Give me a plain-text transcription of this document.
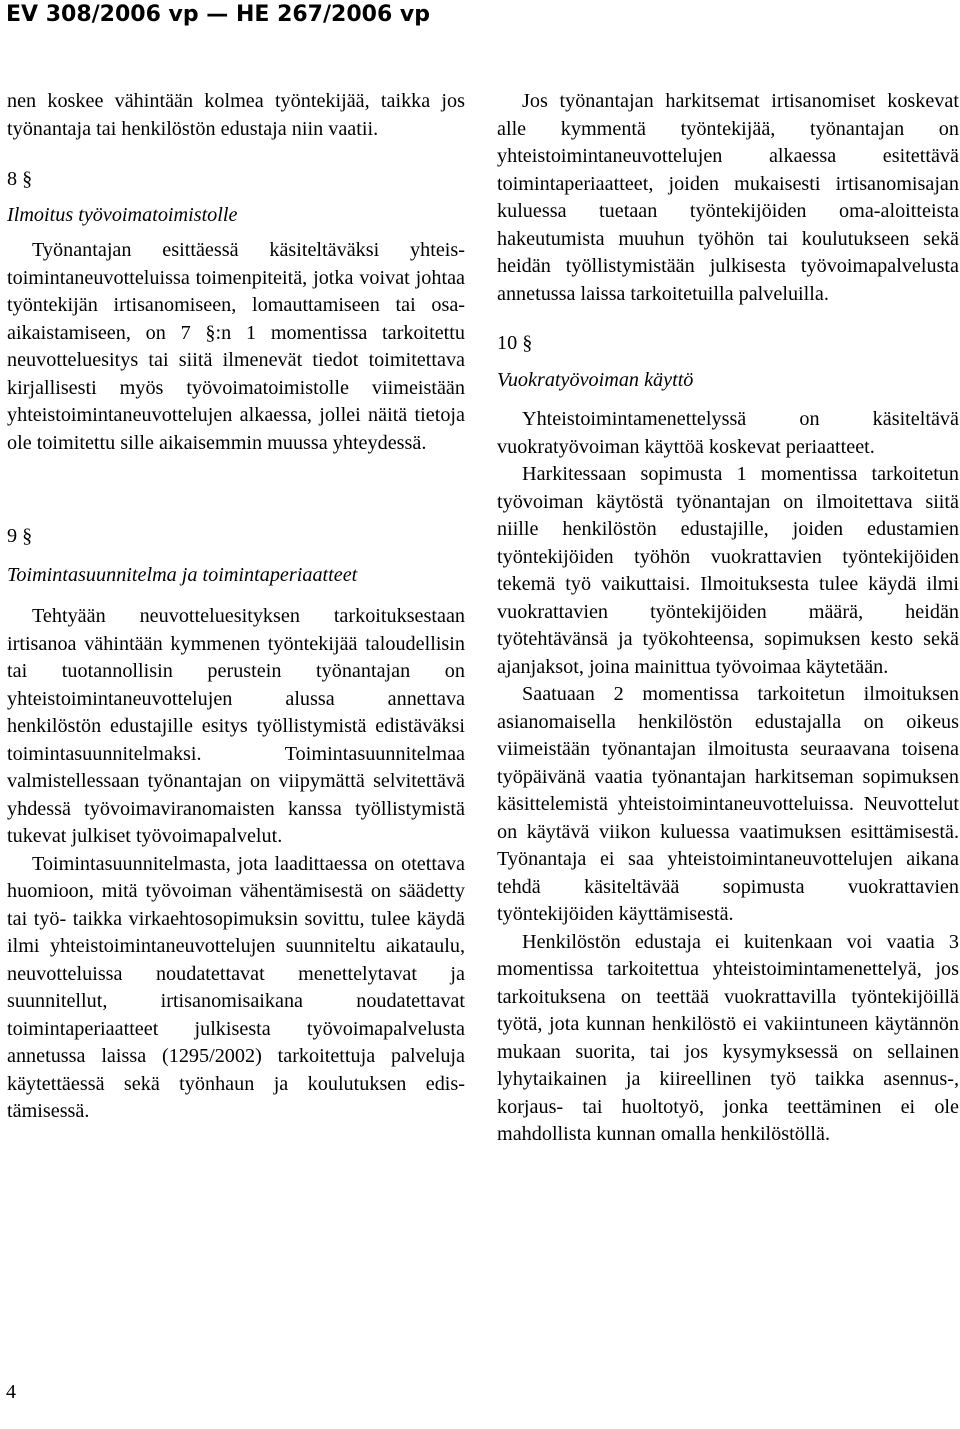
EV 308/2006 vp — HE 267/2006 vp

nen koskee vähintään kolmea työntekijää, taikka jos työnantaja tai henkilöstön edustaja niin vaatii.

8 §

Ilmoitus työvoimatoimistolle

Työnantajan esittäessä käsiteltäväksi yhteistoimintaneuvotteluissa toimenpiteitä, jotka voivat johtaa työntekijän irtisanomiseen, lomauttamiseen tai osa-aikaistamiseen, on 7 §:n 1 momentissa tarkoitettu neuvotteluesitys tai siitä ilmenevät tiedot toimitettava kirjallisesti myös työvoimatoimistolle viimeistään yhteistoimintaneuvottelujen alkaessa, jollei näitä tietoja ole toimitettu sille aikaisemmin muussa yhteydessä.

9 §

Toimintasuunnitelma ja toimintaperiaatteet

Tehtyään neuvotteluesityksen tarkoituksestaan irtisanoa vähintään kymmenen työntekijää taloudellisin tai tuotannollisin perustein työnantajan on yhteistoimintaneuvottelujen alussa annettava henkilöstön edustajille esitys työllistymistä edistäväksi toimintasuunnitelmaksi. Toimintasuunnitelmaa valmistellessaan työnantajan on viipymättä selvitettävä yhdessä työvoimaviranomaisten kanssa työllistymistä tukevat julkiset työvoimapalvelut.

Toimintasuunnitelmasta, jota laadittaessa on otettava huomioon, mitä työvoiman vähentämisestä on säädetty tai työ- taikka virkaehtosopimuksin sovittu, tulee käydä ilmi yhteistoimintaneuvottelujen suunniteltu aikataulu, neuvotteluissa noudatettavat menettelytavat ja suunnitellut, irtisanomisaikana noudatettavat toimintaperiaatteet julkisesta työvoimapalvelusta annetussa laissa (1295/2002) tarkoitettuja palveluja käytettäessä sekä työnhaun ja koulutuksen edistämisessä.

Jos työnantajan harkitsemat irtisanomiset koskevat alle kymmentä työntekijää, työnantajan on yhteistoimintaneuvottelujen alkaessa esitettävä toimintaperiaatteet, joiden mukaisesti irtisanomisajan kuluessa tuetaan työntekijöiden oma-aloitteista hakeutumista muuhun työhön tai koulutukseen sekä heidän työllistymistään julkisesta työvoimapalvelusta annetussa laissa tarkoitetuilla palveluilla.

10 §

Vuokratyövoiman käyttö

Yhteistoimintamenettelyssä on käsiteltävä vuokratyövoiman käyttöä koskevat periaatteet.

Harkitessaan sopimusta 1 momentissa tarkoitetun työvoiman käytöstä työnantajan on ilmoitettava siitä niille henkilöstön edustajille, joiden edustamien työntekijöiden työhön vuokrattavien työntekijöiden tekemä työ vaikuttaisi. Ilmoituksesta tulee käydä ilmi vuokrattavien työntekijöiden määrä, heidän työtehtävänsä ja työkohteensa, sopimuksen kesto sekä ajanjaksot, joina mainittua työvoimaa käytetään.

Saatuaan 2 momentissa tarkoitetun ilmoituksen asianomaisella henkilöstön edustajalla on oikeus viimeistään työnantajan ilmoitusta seuraavana toisena työpäivänä vaatia työnantajan harkitseman sopimuksen käsittelemistä yhteistoimintaneuvotteluissa. Neuvottelut on käytävä viikon kuluessa vaatimuksen esittämisestä. Työnantaja ei saa yhteistoimintaneuvottelujen aikana tehdä käsiteltävää sopimusta vuokrattavien työntekijöiden käyttämisestä.

Henkilöstön edustaja ei kuitenkaan voi vaatia 3 momentissa tarkoitettua yhteistoimintamenettelyä, jos tarkoituksena on teettää vuokrattavilla työntekijöillä työtä, jota kunnan henkilöstö ei vakiintuneen käytännön mukaan suorita, tai jos kysymyksessä on sellainen lyhytaikainen ja kiireellinen työ taikka asennus-, korjaus- tai huoltotyö, jonka teettäminen ei ole mahdollista kunnan omalla henkilöstöllä.

4
